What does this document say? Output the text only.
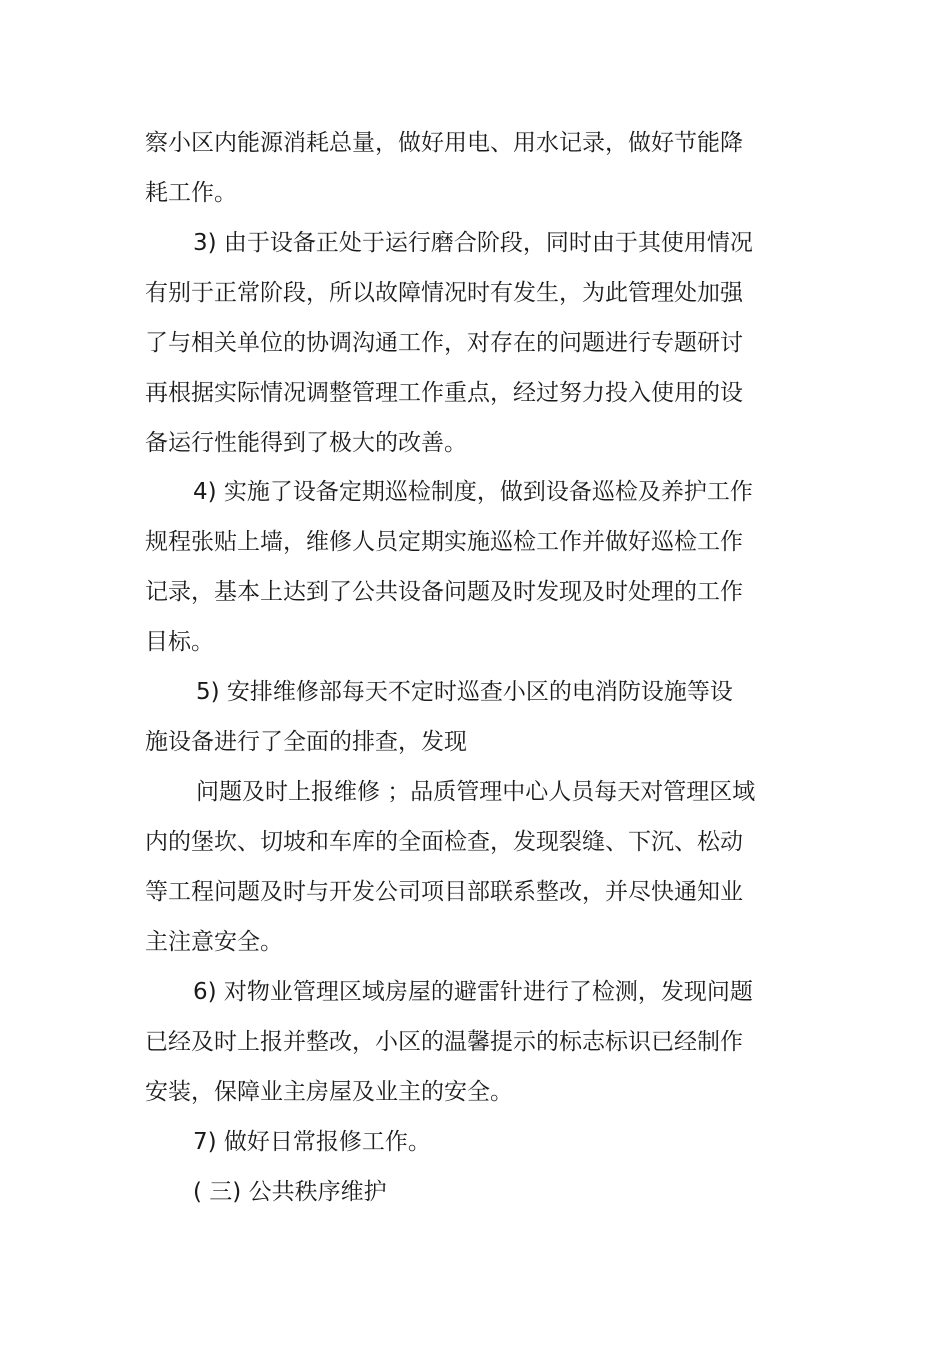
察小区内能源消耗总量，做好用电、用水记录，做好节能降
耗工作。
3) 由于设备正处于运行磨合阶段，同时由于其使用情况
有别于正常阶段，所以故障情况时有发生，为此管理处加强
了与相关单位的协调沟通工作，对存在的问题进行专题研讨
再根据实际情况调整管理工作重点，经过努力投入使用的设
备运行性能得到了极大的改善。
4) 实施了设备定期巡检制度，做到设备巡检及养护工作
规程张贴上墙，维修人员定期实施巡检工作并做好巡检工作
记录，基本上达到了公共设备问题及时发现及时处理的工作
目标。
5) 安排维修部每天不定时巡查小区的电消防设施等设
施设备进行了全面的排查，发现
问题及时上报维修 ；品质管理中心人员每天对管理区域
内的堡坎、切坡和车库的全面检查，发现裂缝、下沉、松动
等工程问题及时与开发公司项目部联系整改，并尽快通知业
主注意安全。
6) 对物业管理区域房屋的避雷针进行了检测，发现问题
已经及时上报并整改，小区的温馨提示的标志标识已经制作
安装，保障业主房屋及业主的安全。
7) 做好日常报修工作。
( 三) 公共秩序维护
